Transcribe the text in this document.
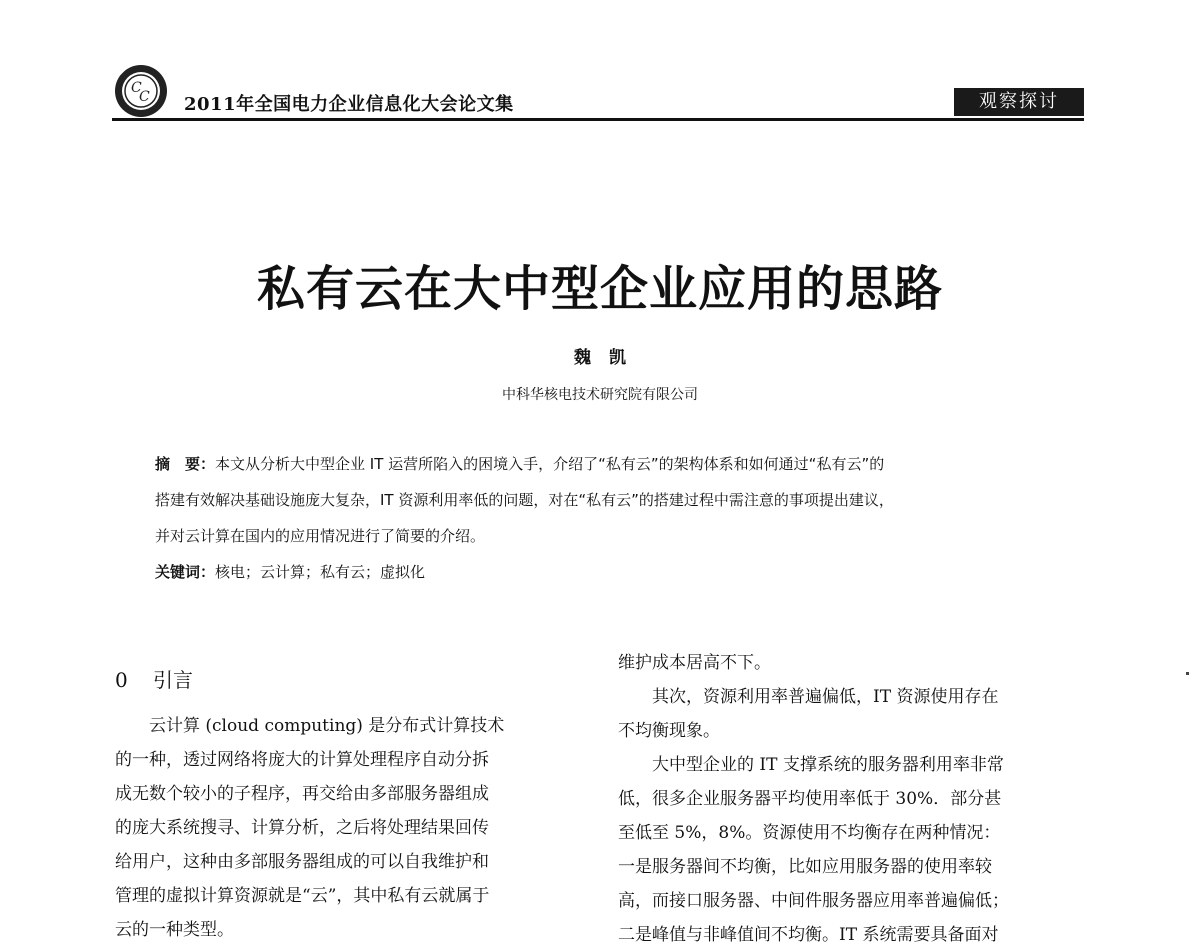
C
C 2011年全国电力企业信息化大会论文集	观察探讨
私有云在大中型企业应用的思路
魏凯
中科华核电技术研究院有限公司
摘　要：本文从分析大中型企业 IT 运营所陷入的困境入手，介绍了“私有云”的架构体系和如何通过“私有云”的
搭建有效解决基础设施庞大复杂，IT 资源利用率低的问题，对在“私有云”的搭建过程中需注意的事项提出建议，
并对云计算在国内的应用情况进行了简要的介绍。
关键词：核电；云计算；私有云；虚拟化
0 引言
云计算 (cloud computing) 是分布式计算技术
的一种，透过网络将庞大的计算处理程序自动分拆
成无数个较小的子程序，再交给由多部服务器组成
的庞大系统搜寻、计算分析，之后将处理结果回传
给用户，这种由多部服务器组成的可以自我维护和
管理的虚拟计算资源就是“云”，其中私有云就属于
云的一种类型。
维护成本居高不下。
其次，资源利用率普遍偏低，IT 资源使用存在
不均衡现象。
大中型企业的 IT 支撑系统的服务器利用率非常
低，很多企业服务器平均使用率低于 30%．部分甚
至低至 5%，8%。资源使用不均衡存在两种情况：
一是服务器间不均衡，比如应用服务器的使用率较
高，而接口服务器、中间件服务器应用率普遍偏低；
二是峰值与非峰值间不均衡。IT 系统需要具备面对
